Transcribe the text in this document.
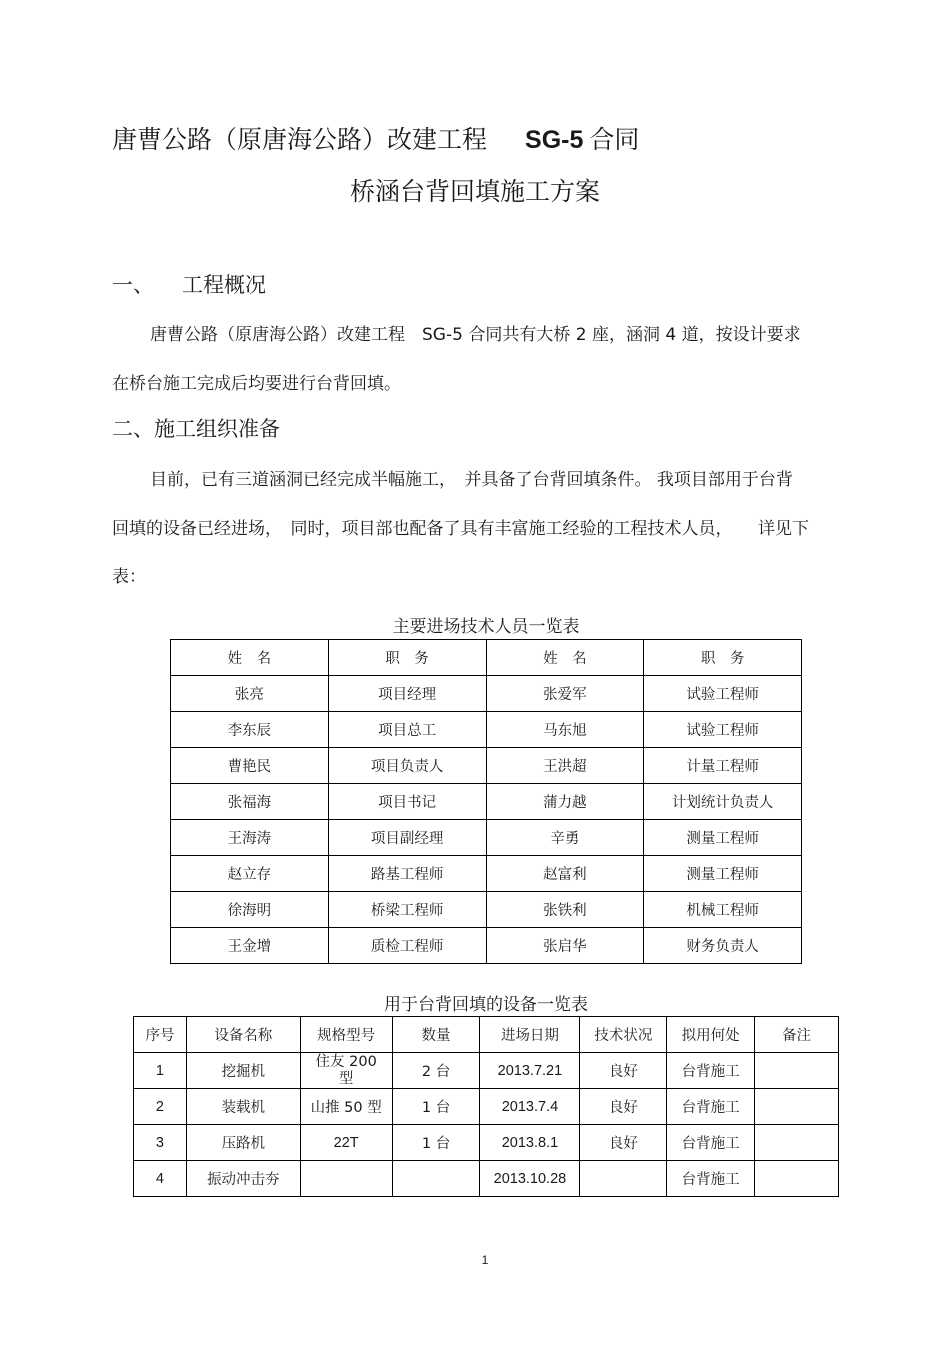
唐曹公路（原唐海公路）改建工程 SG-5 合同
桥涵台背回填施工方案
一、 工程概况
唐曹公路（原唐海公路）改建工程　SG-5 合同共有大桥 2 座，涵洞 4 道，按设计要求
在桥台施工完成后均要进行台背回填。
二、施工组织准备
目前，已有三道涵洞已经完成半幅施工，　并具备了台背回填条件。 我项目部用于台背
回填的设备已经进场，　同时，项目部也配备了具有丰富施工经验的工程技术人员，　　详见下
表：
主要进场技术人员一览表
姓　名	职　务	姓　名	职　务
张亮	项目经理	张爱军	试验工程师
李东辰	项目总工	马东旭	试验工程师
曹艳民	项目负责人	王洪超	计量工程师
张福海	项目书记	蒲力越	计划统计负责人
王海涛	项目副经理	辛勇	测量工程师
赵立存	路基工程师	赵富利	测量工程师
徐海明	桥梁工程师	张铁利	机械工程师
王金增	质检工程师	张启华	财务负责人
用于台背回填的设备一览表
序号	设备名称	规格型号	数量	进场日期	技术状况	拟用何处	备注
1	挖掘机	住友 200 型	2 台	2013.7.21	良好	台背施工	
2	装载机	山推 50 型	1 台	2013.7.4	良好	台背施工	
3	压路机	22T	1 台	2013.8.1	良好	台背施工	
4	振动冲击夯			2013.10.28		台背施工	
1
